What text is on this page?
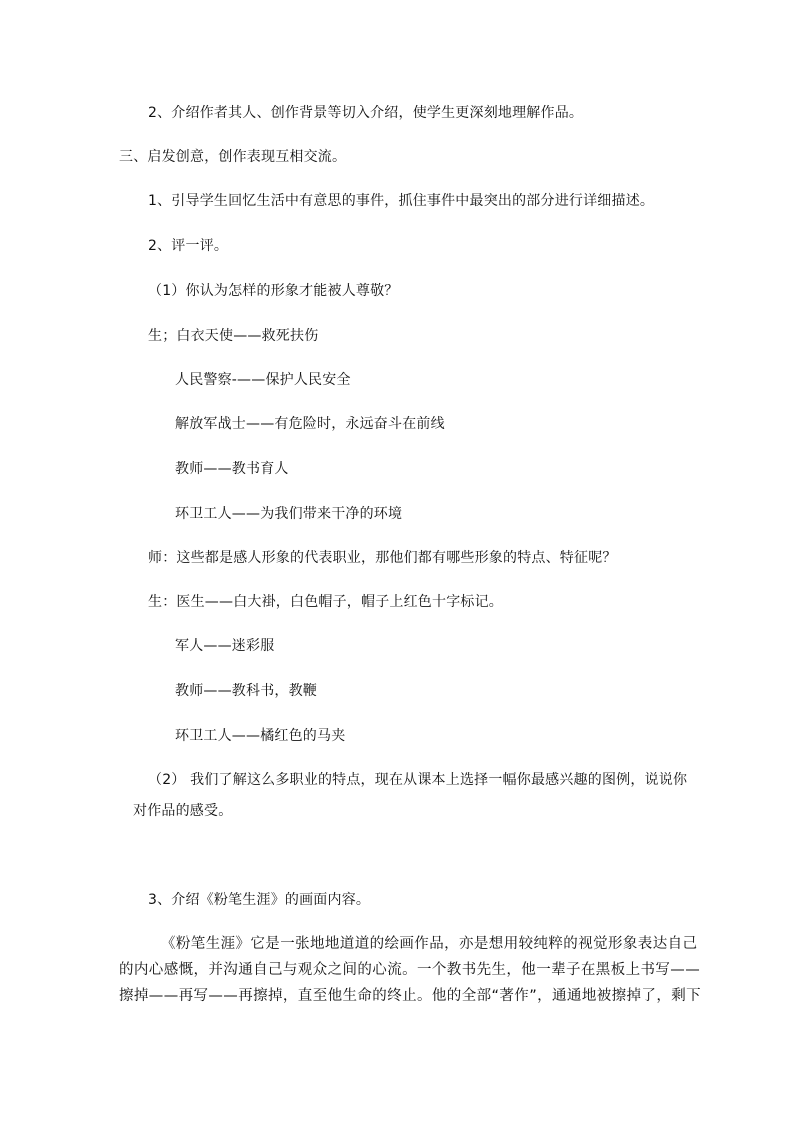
2、介绍作者其人、创作背景等切入介绍，使学生更深刻地理解作品。
三、启发创意，创作表现互相交流。
1、引导学生回忆生活中有意思的事件，抓住事件中最突出的部分进行详细描述。
2、评一评。
（1）你认为怎样的形象才能被人尊敬？
生；白衣天使——救死扶伤
人民警察-——保护人民安全
解放军战士——有危险时，永远奋斗在前线
教师——教书育人
环卫工人——为我们带来干净的环境
师：这些都是感人形象的代表职业，那他们都有哪些形象的特点、特征呢？
生：医生——白大褂，白色帽子，帽子上红色十字标记。
军人——迷彩服
教师——教科书，教鞭
环卫工人——橘红色的马夹
（2） 我们了解这么多职业的特点，现在从课本上选择一幅你最感兴趣的图例，说说你
对作品的感受。
3、介绍《粉笔生涯》的画面内容。
《粉笔生涯》它是一张地地道道的绘画作品，亦是想用较纯粹的视觉形象表达自己
的内心感慨，并沟通自己与观众之间的心流。一个教书先生，他一辈子在黑板上书写——
擦掉——再写——再擦掉，直至他生命的终止。他的全部“著作”，通通地被擦掉了，剩下
